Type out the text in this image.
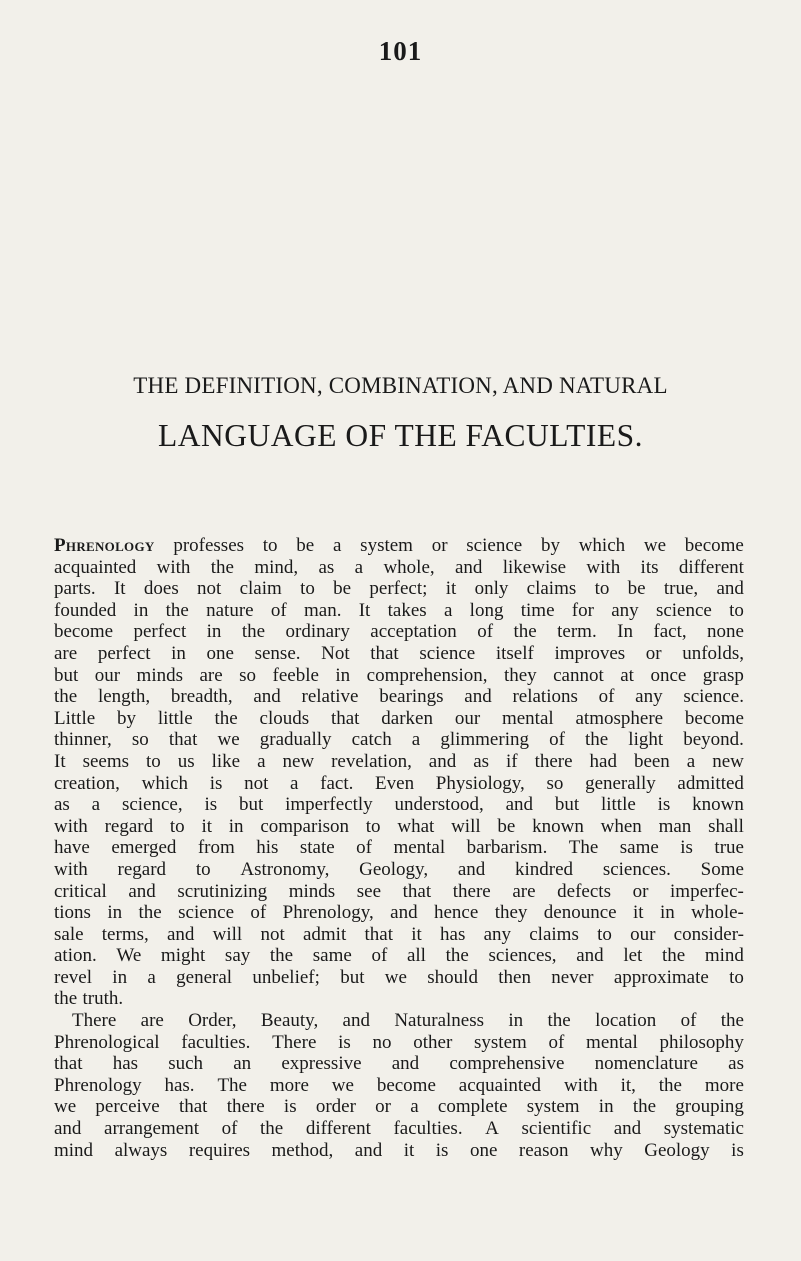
101
THE DEFINITION, COMBINATION, AND NATURAL
LANGUAGE OF THE FACULTIES.
Phrenology professes to be a system or science by which we become
acquainted with the mind, as a whole, and likewise with its different
parts. It does not claim to be perfect; it only claims to be true, and
founded in the nature of man. It takes a long time for any science to
become perfect in the ordinary acceptation of the term. In fact, none
are perfect in one sense. Not that science itself improves or unfolds,
but our minds are so feeble in comprehension, they cannot at once grasp
the length, breadth, and relative bearings and relations of any science.
Little by little the clouds that darken our mental atmosphere become
thinner, so that we gradually catch a glimmering of the light beyond.
It seems to us like a new revelation, and as if there had been a new
creation, which is not a fact. Even Physiology, so generally admitted
as a science, is but imperfectly understood, and but little is known
with regard to it in comparison to what will be known when man shall
have emerged from his state of mental barbarism. The same is true
with regard to Astronomy, Geology, and kindred sciences. Some
critical and scrutinizing minds see that there are defects or imperfec-
tions in the science of Phrenology, and hence they denounce it in whole-
sale terms, and will not admit that it has any claims to our consider-
ation. We might say the same of all the sciences, and let the mind
revel in a general unbelief; but we should then never approximate to
the truth.
There are Order, Beauty, and Naturalness in the location of the
Phrenological faculties. There is no other system of mental philosophy
that has such an expressive and comprehensive nomenclature as
Phrenology has. The more we become acquainted with it, the more
we perceive that there is order or a complete system in the grouping
and arrangement of the different faculties. A scientific and systematic
mind always requires method, and it is one reason why Geology is
